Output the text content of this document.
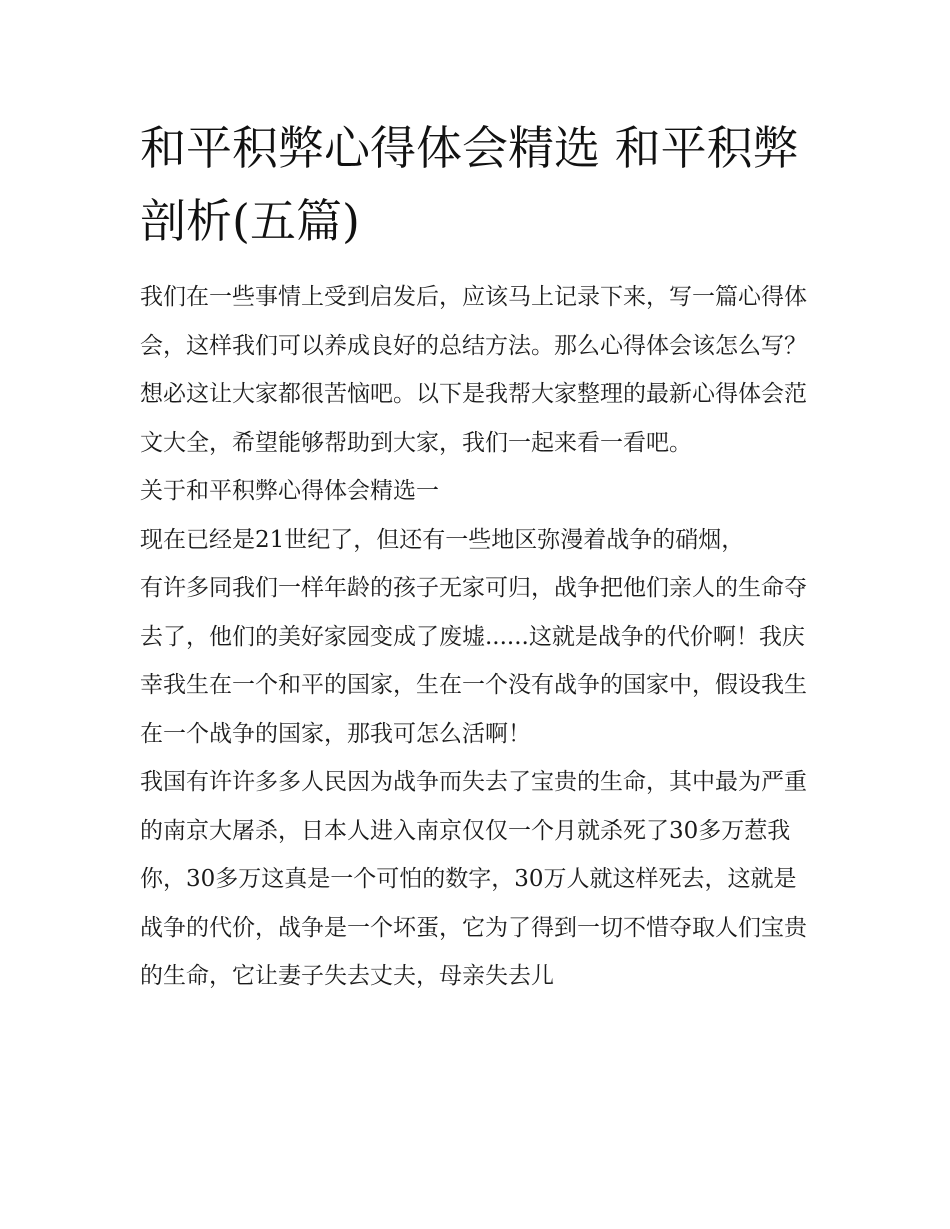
和平积弊心得体会精选 和平积弊剖析(五篇)

我们在一些事情上受到启发后，应该马上记录下来，写一篇心得体会，这样我们可以养成良好的总结方法。那么心得体会该怎么写？想必这让大家都很苦恼吧。以下是我帮大家整理的最新心得体会范文大全，希望能够帮助到大家，我们一起来看一看吧。

关于和平积弊心得体会精选一

现在已经是21世纪了，但还有一些地区弥漫着战争的硝烟，

有许多同我们一样年龄的孩子无家可归，战争把他们亲人的生命夺去了，他们的美好家园变成了废墟......这就是战争的代价啊！我庆幸我生在一个和平的国家，生在一个没有战争的国家中，假设我生在一个战争的国家，那我可怎么活啊！

我国有许许多多人民因为战争而失去了宝贵的生命，其中最为严重的南京大屠杀，日本人进入南京仅仅一个月就杀死了30多万惹我你，30多万这真是一个可怕的数字，30万人就这样死去，这就是战争的代价，战争是一个坏蛋，它为了得到一切不惜夺取人们宝贵的生命，它让妻子失去丈夫，母亲失去儿
